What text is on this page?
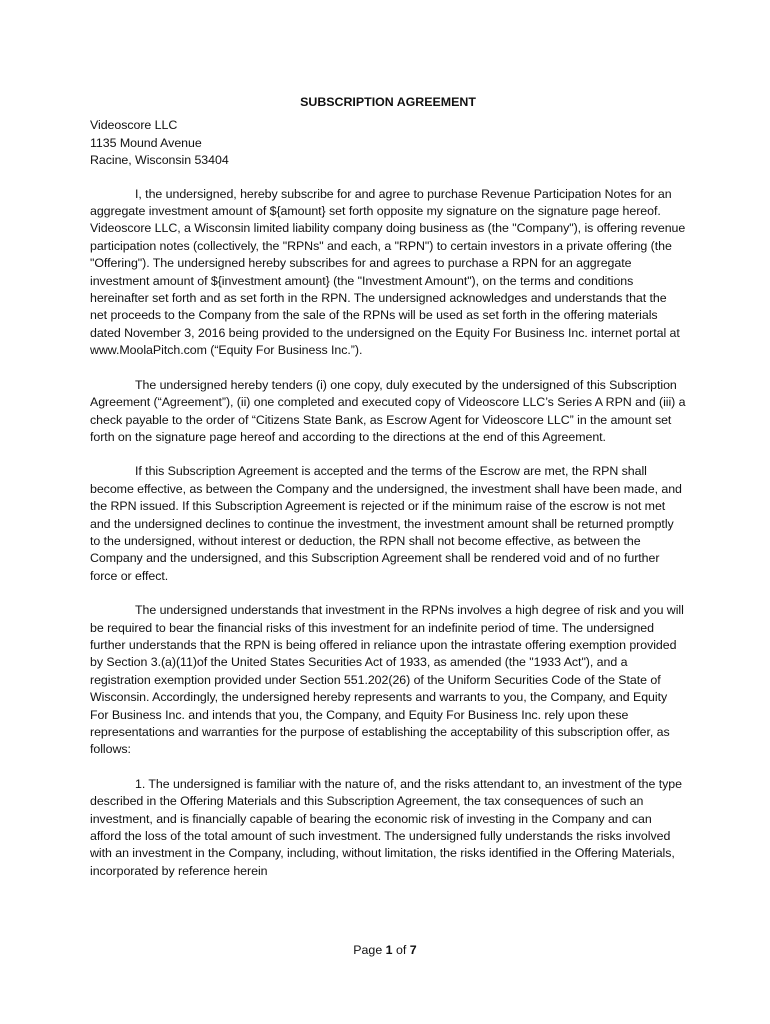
SUBSCRIPTION AGREEMENT
Videoscore LLC
1135 Mound Avenue
Racine, Wisconsin 53404

I, the undersigned, hereby subscribe for and agree to purchase Revenue Participation Notes for an aggregate investment amount of ${amount} set forth opposite my signature on the signature page hereof. Videoscore LLC, a Wisconsin limited liability company doing business as (the "Company"), is offering revenue participation notes (collectively, the "RPNs" and each, a "RPN") to certain investors in a private offering (the "Offering"). The undersigned hereby subscribes for and agrees to purchase a RPN for an aggregate investment amount of ${investment amount} (the "Investment Amount"), on the terms and conditions hereinafter set forth and as set forth in the RPN. The undersigned acknowledges and understands that the net proceeds to the Company from the sale of the RPNs will be used as set forth in the offering materials dated November 3, 2016 being provided to the undersigned on the Equity For Business Inc. internet portal at www.MoolaPitch.com (“Equity For Business Inc.”).

The undersigned hereby tenders (i) one copy, duly executed by the undersigned of this Subscription Agreement (“Agreement”), (ii) one completed and executed copy of Videoscore LLC’s Series A RPN and (iii) a check payable to the order of “Citizens State Bank, as Escrow Agent for Videoscore LLC” in the amount set forth on the signature page hereof and according to the directions at the end of this Agreement.

If this Subscription Agreement is accepted and the terms of the Escrow are met, the RPN shall become effective, as between the Company and the undersigned, the investment shall have been made, and the RPN issued. If this Subscription Agreement is rejected or if the minimum raise of the escrow is not met and the undersigned declines to continue the investment, the investment amount shall be returned promptly to the undersigned, without interest or deduction, the RPN shall not become effective, as between the Company and the undersigned, and this Subscription Agreement shall be rendered void and of no further force or effect.

The undersigned understands that investment in the RPNs involves a high degree of risk and you will be required to bear the financial risks of this investment for an indefinite period of time. The undersigned further understands that the RPN is being offered in reliance upon the intrastate offering exemption provided by Section 3.(a)(11)of the United States Securities Act of 1933, as amended (the "1933 Act"), and a registration exemption provided under Section 551.202(26) of the Uniform Securities Code of the State of Wisconsin. Accordingly, the undersigned hereby represents and warrants to you, the Company, and Equity For Business Inc. and intends that you, the Company, and Equity For Business Inc. rely upon these representations and warranties for the purpose of establishing the acceptability of this subscription offer, as follows:

1. The undersigned is familiar with the nature of, and the risks attendant to, an investment of the type described in the Offering Materials and this Subscription Agreement, the tax consequences of such an investment, and is financially capable of bearing the economic risk of investing in the Company and can afford the loss of the total amount of such investment. The undersigned fully understands the risks involved with an investment in the Company, including, without limitation, the risks identified in the Offering Materials, incorporated by reference herein

Page 1 of 7
